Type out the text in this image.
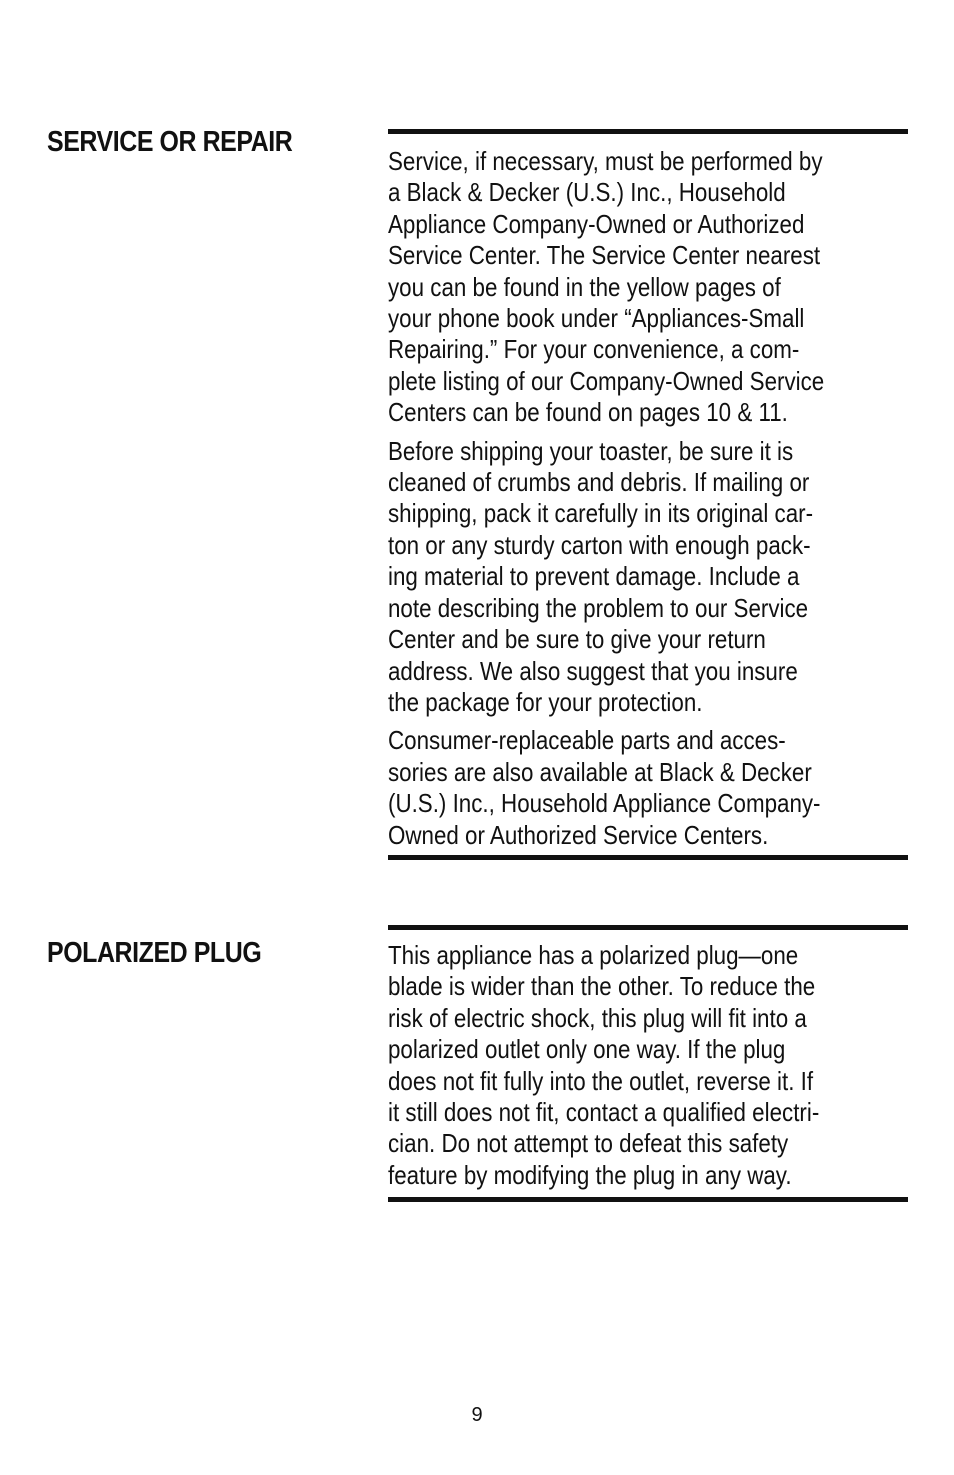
SERVICE OR REPAIR

Service, if necessary, must be performed by
a Black & Decker (U.S.) Inc., Household
Appliance Company-Owned or Authorized
Service Center. The Service Center nearest
you can be found in the yellow pages of
your phone book under “Appliances-Small
Repairing.” For your convenience, a com-
plete listing of our Company-Owned Service
Centers can be found on pages 10 & 11.

Before shipping your toaster, be sure it is
cleaned of crumbs and debris. If mailing or
shipping, pack it carefully in its original car-
ton or any sturdy carton with enough pack-
ing material to prevent damage. Include a
note describing the problem to our Service
Center and be sure to give your return
address. We also suggest that you insure
the package for your protection.

Consumer-replaceable parts and acces-
sories are also available at Black & Decker
(U.S.) Inc., Household Appliance Company-
Owned or Authorized Service Centers.

POLARIZED PLUG	This appliance has a polarized plug—one
blade is wider than the other. To reduce the
risk of electric shock, this plug will fit into a
polarized outlet only one way. If the plug
does not fit fully into the outlet, reverse it. If
it still does not fit, contact a qualified electri-
cian. Do not attempt to defeat this safety
feature by modifying the plug in any way.

9
